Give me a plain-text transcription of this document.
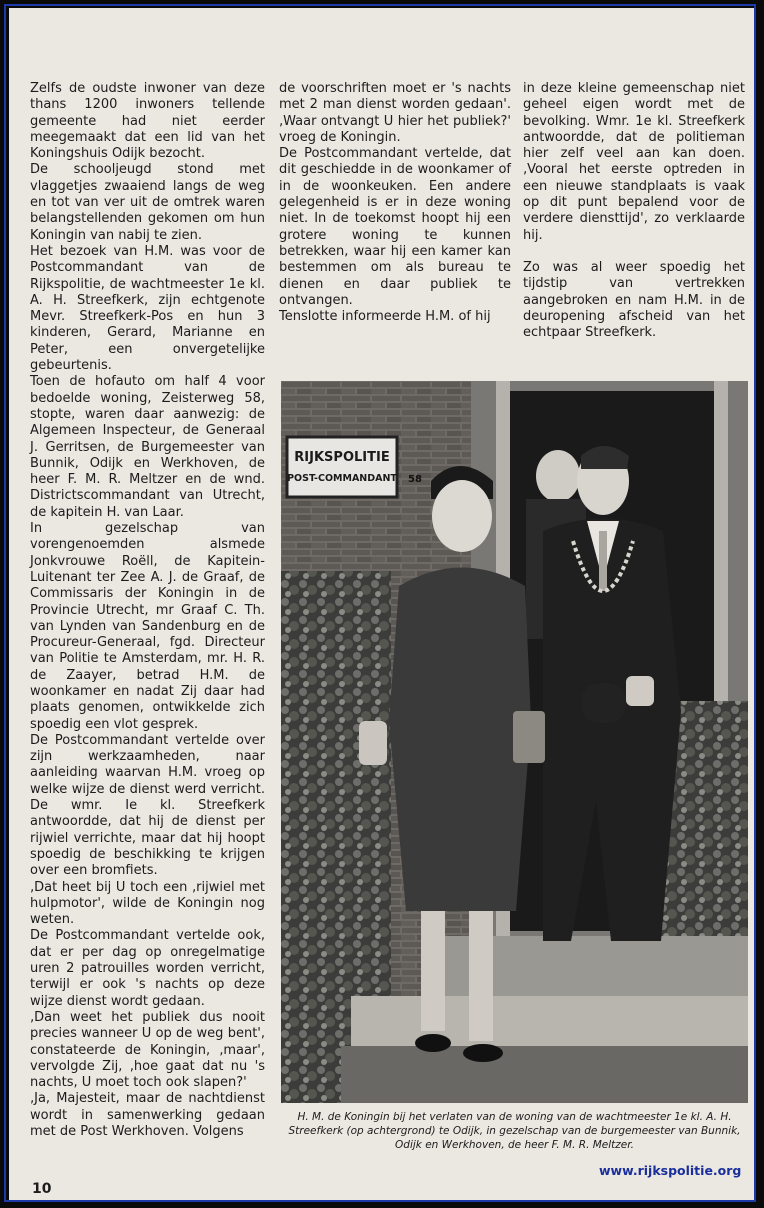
Zelfs de oudste inwoner van deze thans 1200 inwoners tellende gemeente had niet eerder meegemaakt dat een lid van het Koningshuis Odijk bezocht.

De schooljeugd stond met vlaggetjes zwaaiend langs de weg en tot van ver uit de omtrek waren belangstellenden gekomen om hun Koningin van nabij te zien.

Het bezoek van H.M. was voor de Postcommandant van de Rijkspolitie, de wachtmeester 1e kl. A. H. Streefkerk, zijn echtgenote Mevr. Streefkerk-Pos en hun 3 kinderen, Gerard, Marianne en Peter, een onvergetelijke gebeurtenis.

Toen de hofauto om half 4 voor bedoelde woning, Zeisterweg 58, stopte, waren daar aanwezig: de Algemeen Inspecteur, de Generaal J. Gerritsen, de Burgemeester van Bunnik, Odijk en Werkhoven, de heer F. M. R. Meltzer en de wnd. Districtscommandant van Utrecht, de kapitein H. van Laar.

In gezelschap van vorengenoemden alsmede Jonkvrouwe Roëll, de Kapitein-Luitenant ter Zee A. J. de Graaf, de Commissaris der Koningin in de Provincie Utrecht, mr Graaf C. Th. van Lynden van Sandenburg en de Procureur-Generaal, fgd. Directeur van Politie te Amsterdam, mr. H. R. de Zaayer, betrad H.M. de woonkamer en nadat Zij daar had plaats genomen, ontwikkelde zich spoedig een vlot gesprek.

De Postcommandant vertelde over zijn werkzaamheden, naar aanleiding waarvan H.M. vroeg op welke wijze de dienst werd verricht. De wmr. Ie kl. Streefkerk antwoordde, dat hij de dienst per rijwiel verrichte, maar dat hij hoopt spoedig de beschikking te krijgen over een bromfiets.

‚Dat heet bij U toch een ‚rijwiel met hulpmotor', wilde de Koningin nog weten.

De Postcommandant vertelde ook, dat er per dag op onregelmatige uren 2 patrouilles worden verricht, terwijl er ook 's nachts op deze wijze dienst wordt gedaan.

‚Dan weet het publiek dus nooit precies wanneer U op de weg bent', constateerde de Koningin, ‚maar', vervolgde Zij, ‚hoe gaat dat nu 's nachts, U moet toch ook slapen?'

‚Ja, Majesteit, maar de nachtdienst wordt in samenwerking gedaan met de Post Werkhoven. Volgens

de voorschriften moet er 's nachts met 2 man dienst worden gedaan'. ‚Waar ontvangt U hier het publiek?' vroeg de Koningin.

De Postcommandant vertelde, dat dit geschiedde in de woonkamer of in de woonkeuken. Een andere gelegenheid is er in deze woning niet. In de toekomst hoopt hij een grotere woning te kunnen betrekken, waar hij een kamer kan bestemmen om als bureau te dienen en daar publiek te ontvangen.

Tenslotte informeerde H.M. of hij

in deze kleine gemeenschap niet geheel eigen wordt met de bevolking. Wmr. 1e kl. Streefkerk antwoordde, dat de politieman hier zelf veel aan kan doen. ‚Vooral het eerste optreden in een nieuwe standplaats is vaak op dit punt bepalend voor de verdere diensttijd', zo verklaarde hij.

Zo was al weer spoedig het tijdstip van vertrekken aangebroken en nam H.M. in de deuropening afscheid van het echtpaar Streefkerk.

RIJKSPOLITIE
POST-COMMANDANT 58
H. M. de Koningin bij het verlaten van de woning van de wachtmeester 1e kl. A. H. Streefkerk (op achtergrond) te Odijk, in gezelschap van de burgemeester van Bunnik, Odijk en Werkhoven, de heer F. M. R. Meltzer.
www.rijkspolitie.org
10
